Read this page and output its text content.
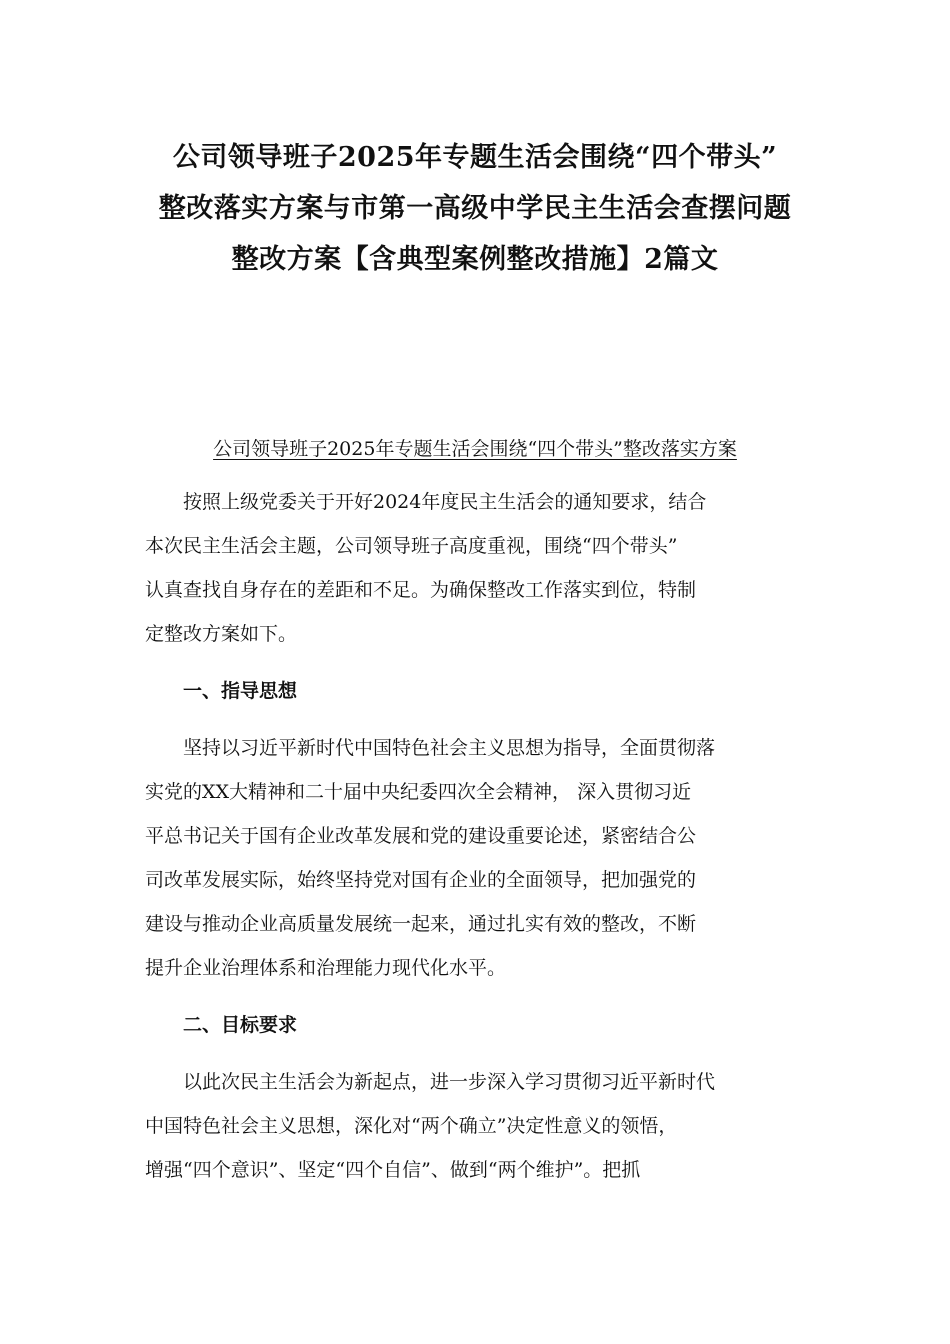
公司领导班子2025年专题生活会围绕“四个带头”
整改落实方案与市第一高级中学民主生活会查摆问题
整改方案【含典型案例整改措施】2篇文
公司领导班子2025年专题生活会围绕“四个带头”整改落实方案

按照上级党委关于开好2024年度民主生活会的通知要求，结合
本次民主生活会主题，公司领导班子高度重视，围绕“四个带头”
认真查找自身存在的差距和不足。为确保整改工作落实到位，特制
定整改方案如下。

一、指导思想

坚持以习近平新时代中国特色社会主义思想为指导，全面贯彻落
实党的XX大精神和二十届中央纪委四次全会精神， 深入贯彻习近
平总书记关于国有企业改革发展和党的建设重要论述，紧密结合公
司改革发展实际，始终坚持党对国有企业的全面领导，把加强党的
建设与推动企业高质量发展统一起来，通过扎实有效的整改，不断
提升企业治理体系和治理能力现代化水平。

二、目标要求

以此次民主生活会为新起点，进一步深入学习贯彻习近平新时代
中国特色社会主义思想，深化对“两个确立”决定性意义的领悟，
增强“四个意识”、坚定“四个自信”、做到“两个维护”。把抓
